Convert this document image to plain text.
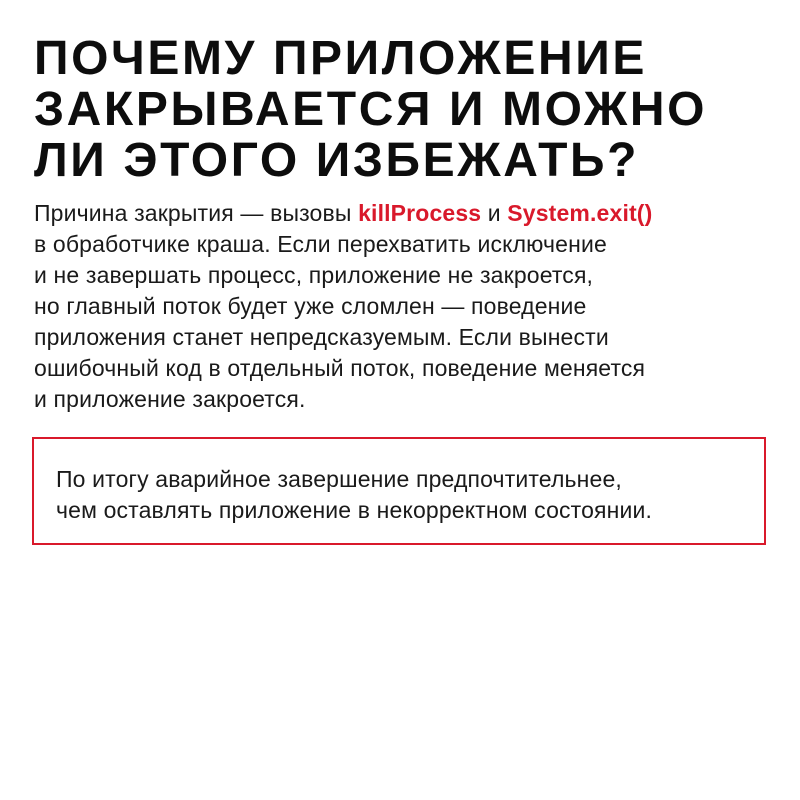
ПОЧЕМУ ПРИЛОЖЕНИЕ
ЗАКРЫВАЕТСЯ И МОЖНО
ЛИ ЭТОГО ИЗБЕЖАТЬ?
Причина закрытия — вызовы killProcess и System.exit()
в обработчике краша. Если перехватить исключение
и не завершать процесс, приложение не закроется,
но главный поток будет уже сломлен — поведение
приложения станет непредсказуемым. Если вынести
ошибочный код в отдельный поток, поведение меняется
и приложение закроется.

По итогу аварийное завершение предпочтительнее,
чем оставлять приложение в некорректном состоянии.
